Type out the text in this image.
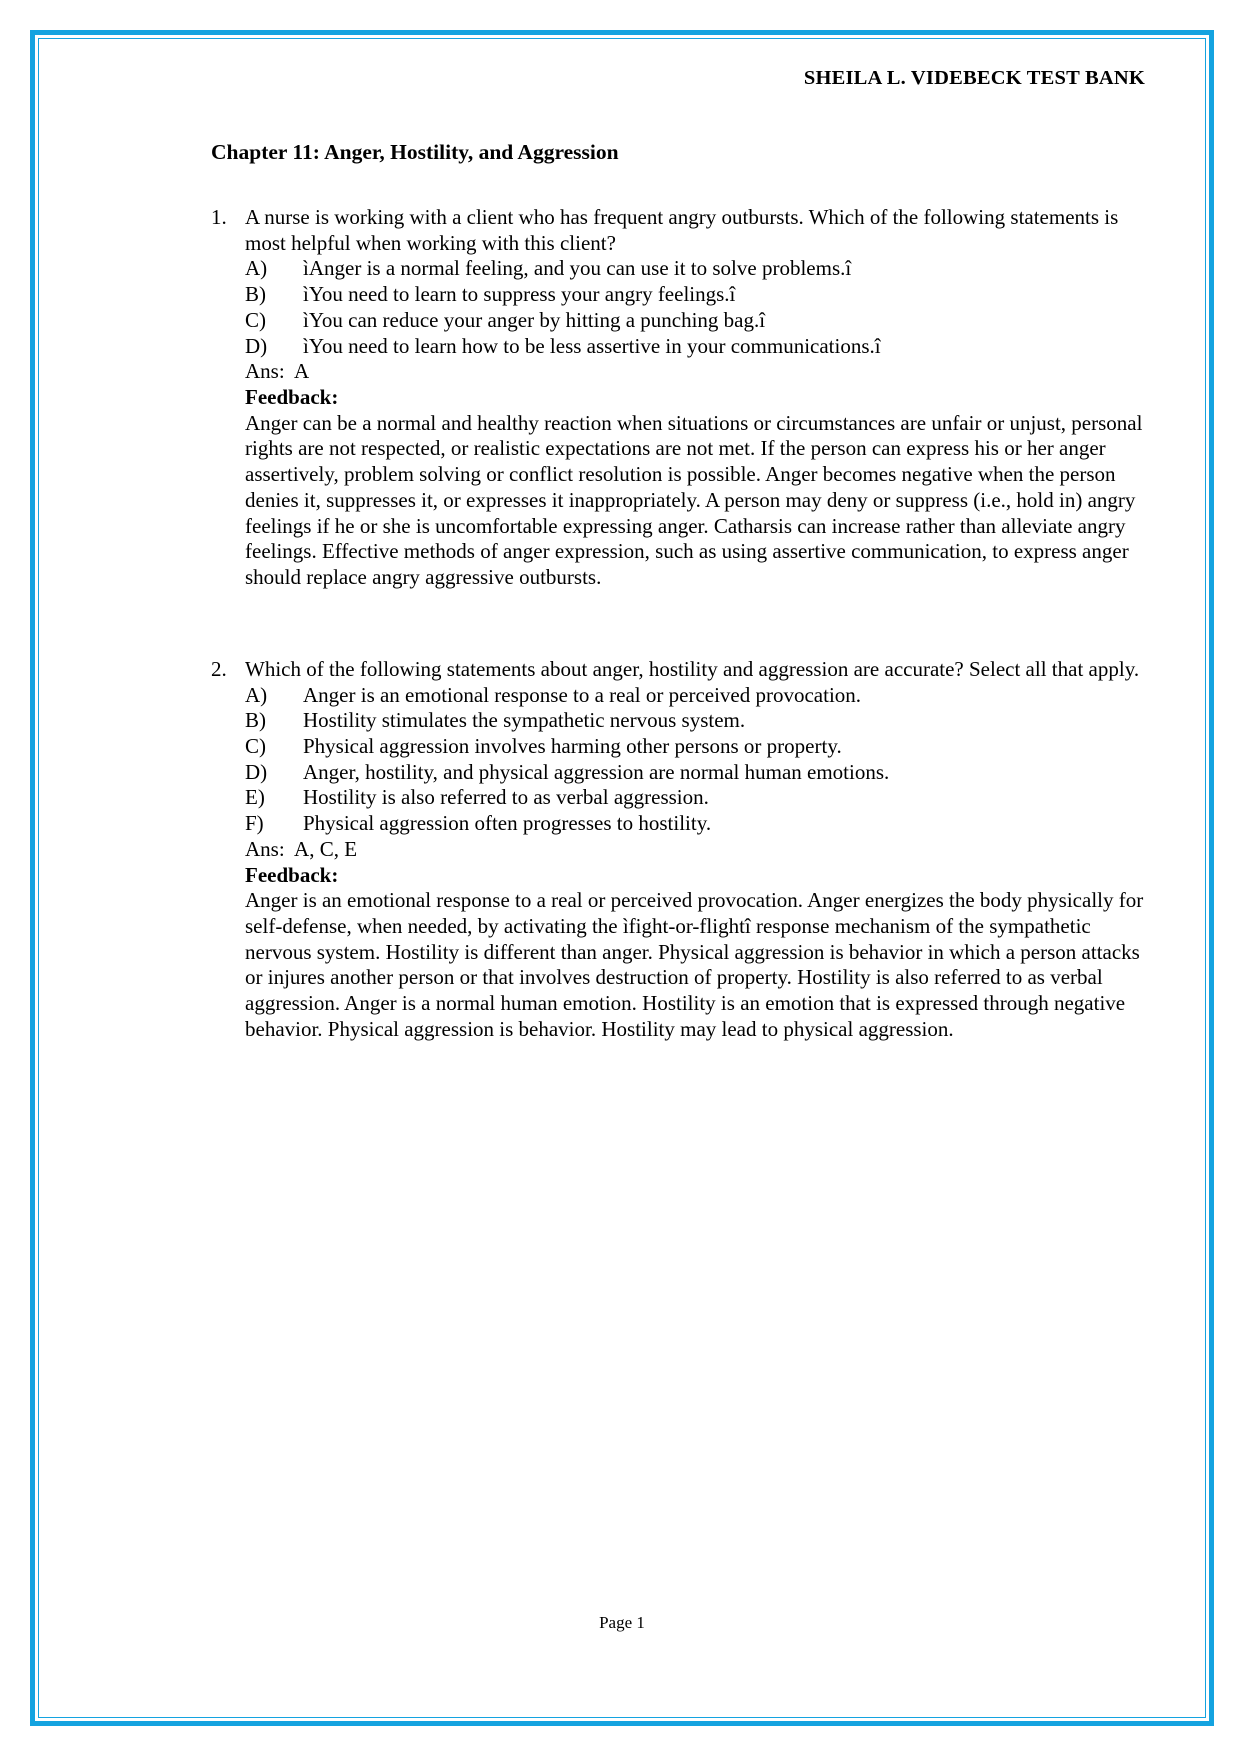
SHEILA L. VIDEBECK TEST BANK
Chapter 11: Anger, Hostility, and Aggression
1. A nurse is working with a client who has frequent angry outbursts. Which of the following statements is most helpful when working with this client?
A) ìAnger is a normal feeling, and you can use it to solve problems.î
B) ìYou need to learn to suppress your angry feelings.î
C) ìYou can reduce your anger by hitting a punching bag.î
D) ìYou need to learn how to be less assertive in your communications.î
Ans: A
Feedback:
Anger can be a normal and healthy reaction when situations or circumstances are unfair or unjust, personal rights are not respected, or realistic expectations are not met. If the person can express his or her anger assertively, problem solving or conflict resolution is possible. Anger becomes negative when the person denies it, suppresses it, or expresses it inappropriately. A person may deny or suppress (i.e., hold in) angry feelings if he or she is uncomfortable expressing anger. Catharsis can increase rather than alleviate angry feelings. Effective methods of anger expression, such as using assertive communication, to express anger should replace angry aggressive outbursts.
2. Which of the following statements about anger, hostility and aggression are accurate? Select all that apply.
A) Anger is an emotional response to a real or perceived provocation.
B) Hostility stimulates the sympathetic nervous system.
C) Physical aggression involves harming other persons or property.
D) Anger, hostility, and physical aggression are normal human emotions.
E) Hostility is also referred to as verbal aggression.
F) Physical aggression often progresses to hostility.
Ans: A, C, E
Feedback:
Anger is an emotional response to a real or perceived provocation. Anger energizes the body physically for self-defense, when needed, by activating the ìfight-or-flightî response mechanism of the sympathetic nervous system. Hostility is different than anger. Physical aggression is behavior in which a person attacks or injures another person or that involves destruction of property. Hostility is also referred to as verbal aggression. Anger is a normal human emotion. Hostility is an emotion that is expressed through negative behavior. Physical aggression is behavior. Hostility may lead to physical aggression.
Page 1
